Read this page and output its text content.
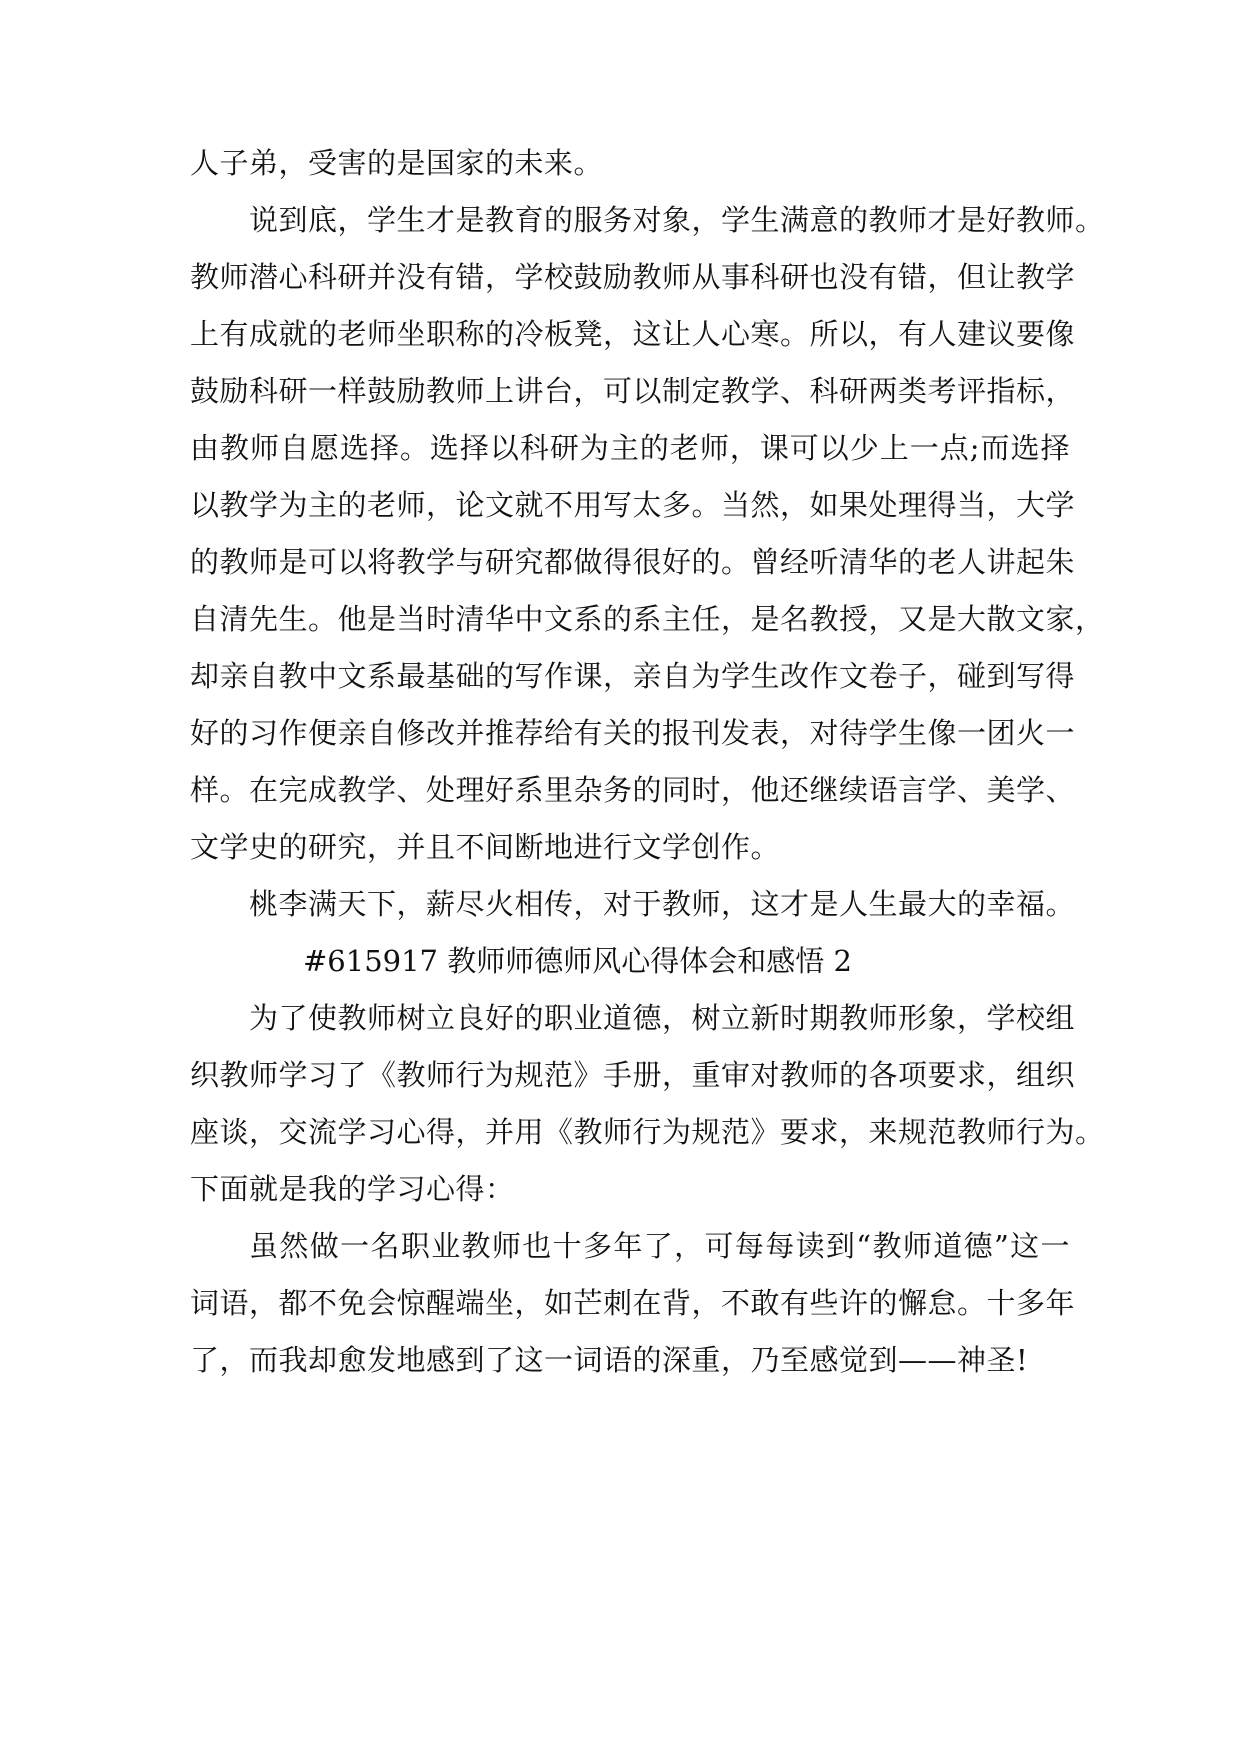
人子弟，受害的是国家的未来。
说到底，学生才是教育的服务对象，学生满意的教师才是好教师。
教师潜心科研并没有错，学校鼓励教师从事科研也没有错，但让教学
上有成就的老师坐职称的冷板凳，这让人心寒。所以，有人建议要像
鼓励科研一样鼓励教师上讲台，可以制定教学、科研两类考评指标，
由教师自愿选择。选择以科研为主的老师，课可以少上一点;而选择
以教学为主的老师，论文就不用写太多。当然，如果处理得当，大学
的教师是可以将教学与研究都做得很好的。曾经听清华的老人讲起朱
自清先生。他是当时清华中文系的系主任，是名教授，又是大散文家，
却亲自教中文系最基础的写作课，亲自为学生改作文卷子，碰到写得
好的习作便亲自修改并推荐给有关的报刊发表，对待学生像一团火一
样。在完成教学、处理好系里杂务的同时，他还继续语言学、美学、
文学史的研究，并且不间断地进行文学创作。
桃李满天下，薪尽火相传，对于教师，这才是人生最大的幸福。
#615917 教师师德师风心得体会和感悟 2
为了使教师树立良好的职业道德，树立新时期教师形象，学校组
织教师学习了《教师行为规范》手册，重审对教师的各项要求，组织
座谈，交流学习心得，并用《教师行为规范》要求，来规范教师行为。
下面就是我的学习心得：
虽然做一名职业教师也十多年了，可每每读到“教师道德”这一
词语，都不免会惊醒端坐，如芒刺在背，不敢有些许的懈怠。十多年
了，而我却愈发地感到了这一词语的深重，乃至感觉到——神圣!
